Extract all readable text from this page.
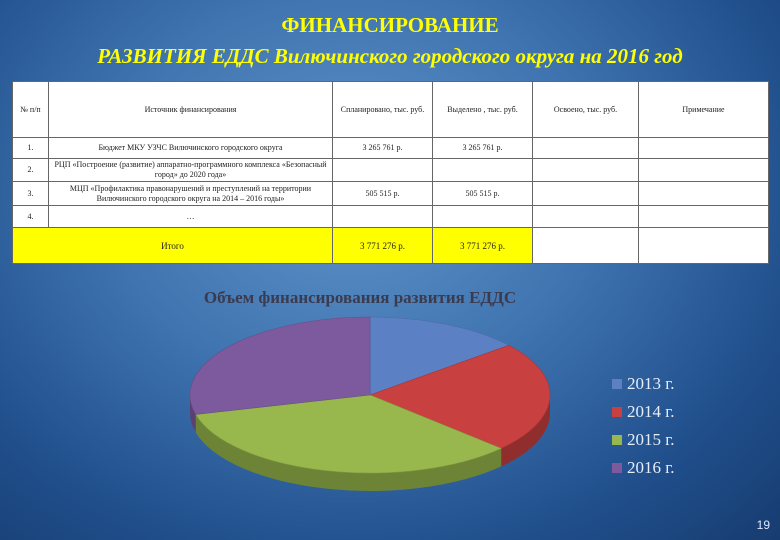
ФИНАНСИРОВАНИЕ
РАЗВИТИЯ ЕДДС Вилючинского городского округа на 2016 год
№ п/п	Источник финансирования	Спланировано, тыс. руб.	Выделено , тыс. руб.	Освоено, тыс. руб.	Примечание
1.	Бюджет МКУ УЗЧС Вилючинского городского округа	3 265 761 р.	3 265 761 р.		
2.	РЦП «Построение (развитие) аппаратно-программного комплекса «Безопасный город» до 2020 года»				
3.	МЦП «Профилактика правонарушений и преступлений на территории Вилючинского городского округа на 2014 – 2016 годы»	505 515 р.	505 515 р.		
4.	…				
Итого		3 771 276 р.	3 771 276 р.		
Объем финансирования развития ЕДДС
2013 г.
2014 г.
2015 г.
2016 г.
19
